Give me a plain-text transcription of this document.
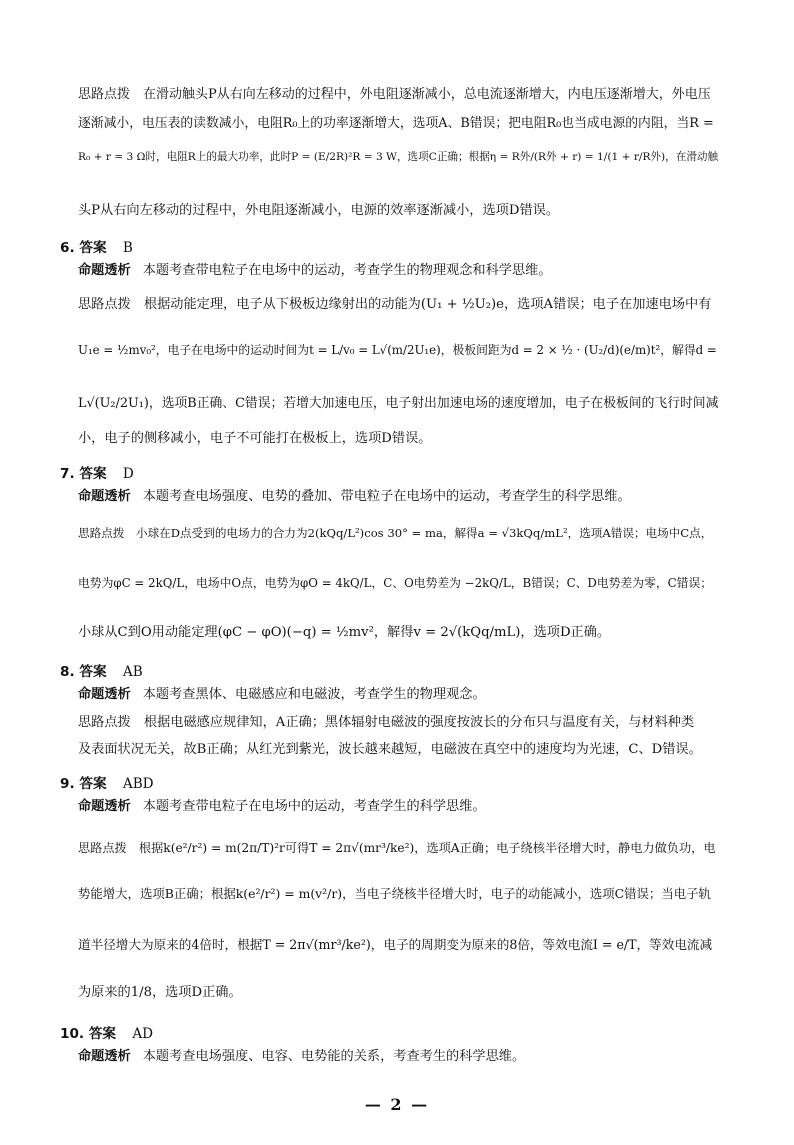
思路点拨　在滑动触头P从右向左移动的过程中，外电阻逐渐减小，总电流逐渐增大，内电压逐渐增大，外电压
逐渐减小，电压表的读数减小，电阻R₀上的功率逐渐增大，选项A、B错误；把电阻R₀也当成电源的内阻，当R =
R₀ + r = 3 Ω时，电阻R上的最大功率，此时P = (E/2R)²R = 3 W，选项C正确；根据η = R外/(R外 + r) = 1/(1 + r/R外)，在滑动触
头P从右向左移动的过程中，外电阻逐渐减小，电源的效率逐渐减小，选项D错误。
6. 答案 B
命题透析 本题考查带电粒子在电场中的运动，考查学生的物理观念和科学思维。
思路点拨　根据动能定理，电子从下极板边缘射出的动能为(U₁ + ½U₂)e，选项A错误；电子在加速电场中有
U₁e = ½mv₀²，电子在电场中的运动时间为t = L/v₀ = L√(m/2U₁e)，极板间距为d = 2 × ½ · (U₂/d)(e/m)t²，解得d =
L√(U₂/2U₁)，选项B正确、C错误；若增大加速电压，电子射出加速电场的速度增加，电子在极板间的飞行时间减
小，电子的侧移减小，电子不可能打在极板上，选项D错误。
7. 答案 D
命题透析 本题考查电场强度、电势的叠加、带电粒子在电场中的运动，考查学生的科学思维。
思路点拨　小球在D点受到的电场力的合力为2(kQq/L²)cos 30° = ma，解得a = √3kQq/mL²，选项A错误；电场中C点，
电势为φC = 2kQ/L，电场中O点，电势为φO = 4kQ/L，C、O电势差为 −2kQ/L，B错误；C、D电势差为零，C错误；
小球从C到O用动能定理(φC − φO)(−q) = ½mv²，解得v = 2√(kQq/mL)，选项D正确。
8. 答案 AB
命题透析 本题考查黑体、电磁感应和电磁波，考查学生的物理观念。
思路点拨　根据电磁感应规律知，A正确；黑体辐射电磁波的强度按波长的分布只与温度有关，与材料种类
及表面状况无关，故B正确；从红光到紫光，波长越来越短，电磁波在真空中的速度均为光速，C、D错误。
9. 答案 ABD
命题透析 本题考查带电粒子在电场中的运动，考查学生的科学思维。
思路点拨　根据k(e²/r²) = m(2π/T)²r可得T = 2π√(mr³/ke²)，选项A正确；电子绕核半径增大时，静电力做负功，电
势能增大，选项B正确；根据k(e²/r²) = m(v²/r)，当电子绕核半径增大时，电子的动能减小，选项C错误；当电子轨
道半径增大为原来的4倍时，根据T = 2π√(mr³/ke²)，电子的周期变为原来的8倍，等效电流I = e/T，等效电流减
为原来的1/8，选项D正确。
10. 答案 AD
命题透析 本题考查电场强度、电容、电势能的关系，考查考生的科学思维。
— 2 —
